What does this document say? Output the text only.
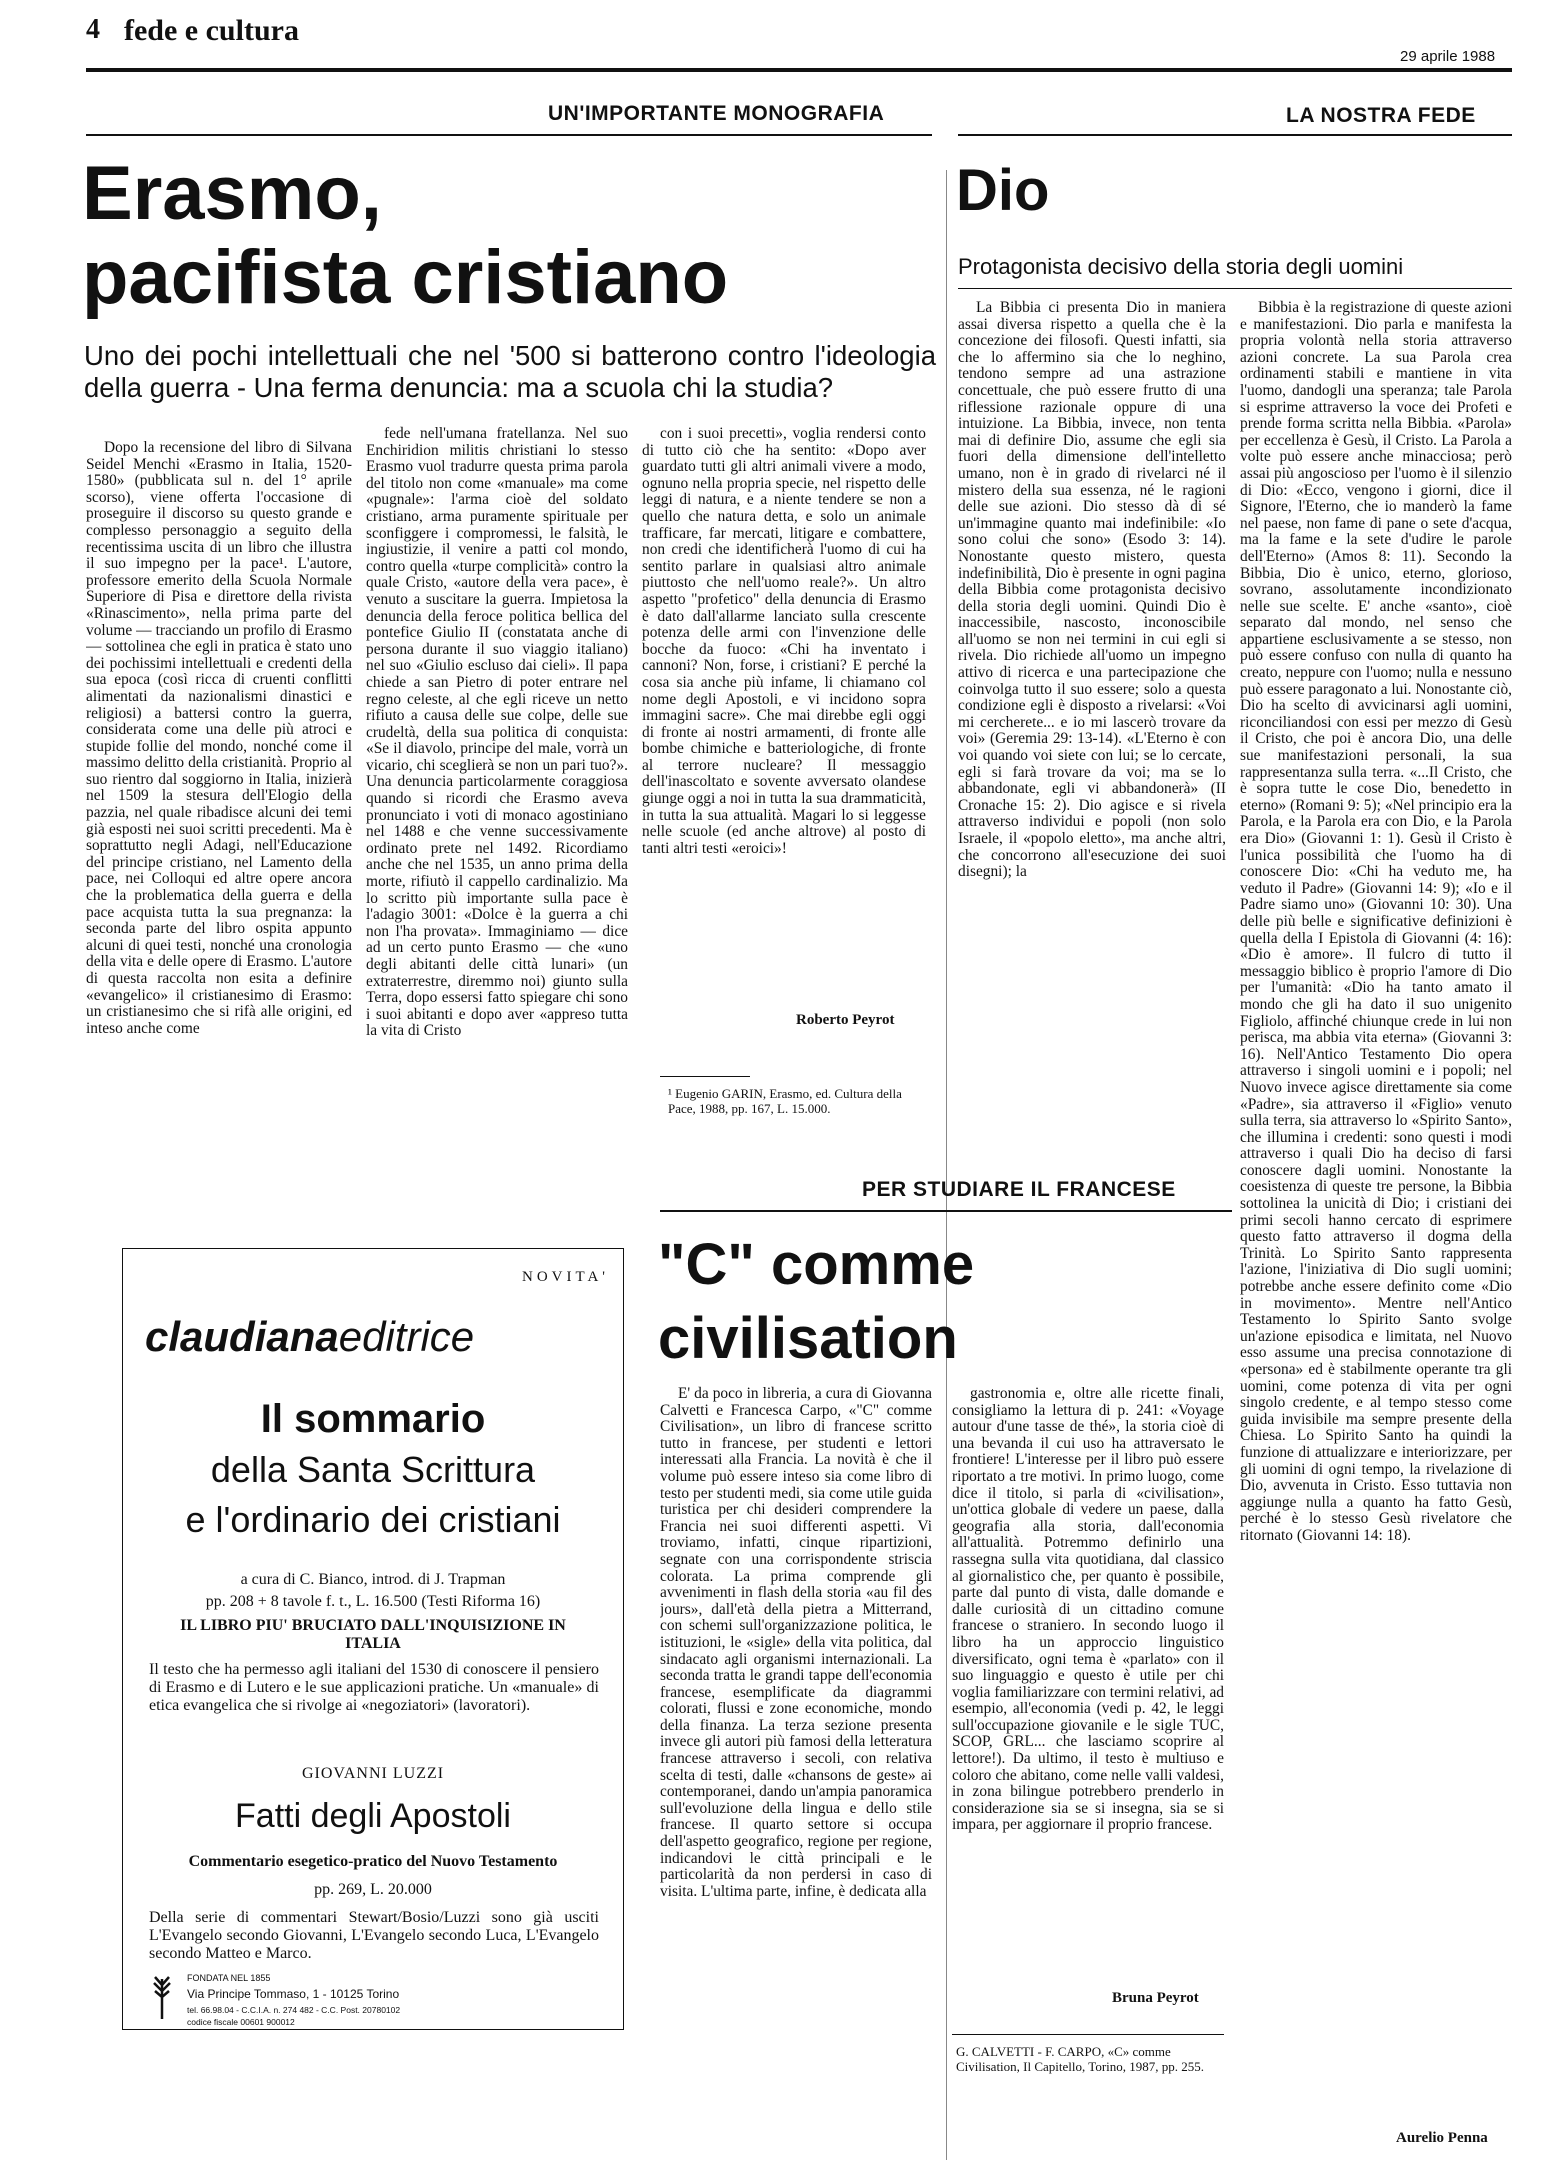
4 fede e cultura
29 aprile 1988
UN'IMPORTANTE MONOGRAFIA
Erasmo,
pacifista cristiano
Uno dei pochi intellettuali che nel '500 si batterono contro l'ideologia della guerra - Una ferma denuncia: ma a scuola chi la studia?

Dopo la recensione del libro di Silvana Seidel Menchi «Erasmo in Italia, 1520-1580» (pubblicata sul n. del 1° aprile scorso), viene offerta l'occasione di proseguire il discorso su questo grande e complesso personaggio a seguito della recentissima uscita di un libro che illustra il suo impegno per la pace¹. L'autore, professore emerito della Scuola Normale Superiore di Pisa e direttore della rivista «Rinascimento», nella prima parte del volume — tracciando un profilo di Erasmo — sottolinea che egli in pratica è stato uno dei pochissimi intellettuali e credenti della sua epoca (così ricca di cruenti conflitti alimentati da nazionalismi dinastici e religiosi) a battersi contro la guerra, considerata come una delle più atroci e stupide follie del mondo, nonché come il massimo delitto della cristianità. Proprio al suo rientro dal soggiorno in Italia, inizierà nel 1509 la stesura dell'Elogio della pazzia, nel quale ribadisce alcuni dei temi già esposti nei suoi scritti precedenti. Ma è soprattutto negli Adagi, nell'Educazione del principe cristiano, nel Lamento della pace, nei Colloqui ed altre opere ancora che la problematica della guerra e della pace acquista tutta la sua pregnanza: la seconda parte del libro ospita appunto alcuni di quei testi, nonché una cronologia della vita e delle opere di Erasmo. L'autore di questa raccolta non esita a definire «evangelico» il cristianesimo di Erasmo: un cristianesimo che si rifà alle origini, ed inteso anche come

fede nell'umana fratellanza. Nel suo Enchiridion militis christiani lo stesso Erasmo vuol tradurre questa prima parola del titolo non come «manuale» ma come «pugnale»: l'arma cioè del soldato cristiano, arma puramente spirituale per sconfiggere i compromessi, le falsità, le ingiustizie, il venire a patti col mondo, contro quella «turpe complicità» contro la quale Cristo, «autore della vera pace», è venuto a suscitare la guerra. Impietosa la denuncia della feroce politica bellica del pontefice Giulio II (constatata anche di persona durante il suo viaggio italiano) nel suo «Giulio escluso dai cieli». Il papa chiede a san Pietro di poter entrare nel regno celeste, al che egli riceve un netto rifiuto a causa delle sue colpe, delle sue crudeltà, della sua politica di conquista: «Se il diavolo, principe del male, vorrà un vicario, chi sceglierà se non un pari tuo?». Una denuncia particolarmente coraggiosa quando si ricordi che Erasmo aveva pronunciato i voti di monaco agostiniano nel 1488 e che venne successivamente ordinato prete nel 1492. Ricordiamo anche che nel 1535, un anno prima della morte, rifiutò il cappello cardinalizio. Ma lo scritto più importante sulla pace è l'adagio 3001: «Dolce è la guerra a chi non l'ha provata». Immaginiamo — dice ad un certo punto Erasmo — che «uno degli abitanti delle città lunari» (un extraterrestre, diremmo noi) giunto sulla Terra, dopo essersi fatto spiegare chi sono i suoi abitanti e dopo aver «appreso tutta la vita di Cristo

con i suoi precetti», voglia rendersi conto di tutto ciò che ha sentito: «Dopo aver guardato tutti gli altri animali vivere a modo, ognuno nella propria specie, nel rispetto delle leggi di natura, e a niente tendere se non a quello che natura detta, e solo un animale trafficare, far mercati, litigare e combattere, non credi che identificherà l'uomo di cui ha sentito parlare in qualsiasi altro animale piuttosto che nell'uomo reale?». Un altro aspetto "profetico" della denuncia di Erasmo è dato dall'allarme lanciato sulla crescente potenza delle armi con l'invenzione delle bocche da fuoco: «Chi ha inventato i cannoni? Non, forse, i cristiani? E perché la cosa sia anche più infame, li chiamano col nome degli Apostoli, e vi incidono sopra immagini sacre». Che mai direbbe egli oggi di fronte ai nostri armamenti, di fronte alle bombe chimiche e batteriologiche, di fronte al terrore nucleare? Il messaggio dell'inascoltato e sovente avversato olandese giunge oggi a noi in tutta la sua drammaticità, in tutta la sua attualità. Magari lo si leggesse nelle scuole (ed anche altrove) al posto di tanti altri testi «eroici»!

Roberto Peyrot
¹ Eugenio GARIN, Erasmo, ed. Cultura della Pace, 1988, pp. 167, L. 15.000.
LA NOSTRA FEDE
Dio
Protagonista decisivo della storia degli uomini

La Bibbia ci presenta Dio in maniera assai diversa rispetto a quella che è la concezione dei filosofi. Questi infatti, sia che lo affermino sia che lo neghino, tendono sempre ad una astrazione concettuale, che può essere frutto di una riflessione razionale oppure di una intuizione. La Bibbia, invece, non tenta mai di definire Dio, assume che egli sia fuori della dimensione dell'intelletto umano, non è in grado di rivelarci né il mistero della sua essenza, né le ragioni delle sue azioni. Dio stesso dà di sé un'immagine quanto mai indefinibile: «Io sono colui che sono» (Esodo 3: 14). Nonostante questo mistero, questa indefinibilità, Dio è presente in ogni pagina della Bibbia come protagonista decisivo della storia degli uomini. Quindi Dio è inaccessibile, nascosto, inconoscibile all'uomo se non nei termini in cui egli si rivela. Dio richiede all'uomo un impegno attivo di ricerca e una partecipazione che coinvolga tutto il suo essere; solo a questa condizione egli è disposto a rivelarsi: «Voi mi cercherete... e io mi lascerò trovare da voi» (Geremia 29: 13-14). «L'Eterno è con voi quando voi siete con lui; se lo cercate, egli si farà trovare da voi; ma se lo abbandonate, egli vi abbandonerà» (II Cronache 15: 2). Dio agisce e si rivela attraverso individui e popoli (non solo Israele, il «popolo eletto», ma anche altri, che concorrono all'esecuzione dei suoi disegni); la

Bibbia è la registrazione di queste azioni e manifestazioni. Dio parla e manifesta la propria volontà nella storia attraverso azioni concrete. La sua Parola crea ordinamenti stabili e mantiene in vita l'uomo, dandogli una speranza; tale Parola si esprime attraverso la voce dei Profeti e prende forma scritta nella Bibbia. «Parola» per eccellenza è Gesù, il Cristo. La Parola a volte può essere anche minacciosa; però assai più angoscioso per l'uomo è il silenzio di Dio: «Ecco, vengono i giorni, dice il Signore, l'Eterno, che io manderò la fame nel paese, non fame di pane o sete d'acqua, ma la fame e la sete d'udire le parole dell'Eterno» (Amos 8: 11). Secondo la Bibbia, Dio è unico, eterno, glorioso, sovrano, assolutamente incondizionato nelle sue scelte. E' anche «santo», cioè separato dal mondo, nel senso che appartiene esclusivamente a se stesso, non può essere confuso con nulla di quanto ha creato, neppure con l'uomo; nulla e nessuno può essere paragonato a lui. Nonostante ciò, Dio ha scelto di avvicinarsi agli uomini, riconciliandosi con essi per mezzo di Gesù il Cristo, che poi è ancora Dio, una delle sue manifestazioni personali, la sua rappresentanza sulla terra. «...Il Cristo, che è sopra tutte le cose Dio, benedetto in eterno» (Romani 9: 5); «Nel principio era la Parola, e la Parola era con Dio, e la Parola era Dio» (Giovanni 1: 1). Gesù il Cristo è l'unica possibilità che l'uomo ha di conoscere Dio: «Chi ha veduto me, ha veduto il Padre» (Giovanni 14: 9); «Io e il Padre siamo uno» (Giovanni 10: 30). Una delle più belle e significative definizioni è quella della I Epistola di Giovanni (4: 16): «Dio è amore». Il fulcro di tutto il messaggio biblico è proprio l'amore di Dio per l'umanità: «Dio ha tanto amato il mondo che gli ha dato il suo unigenito Figliolo, affinché chiunque crede in lui non perisca, ma abbia vita eterna» (Giovanni 3: 16). Nell'Antico Testamento Dio opera attraverso i singoli uomini e i popoli; nel Nuovo invece agisce direttamente sia come «Padre», sia attraverso il «Figlio» venuto sulla terra, sia attraverso lo «Spirito Santo», che illumina i credenti: sono questi i modi attraverso i quali Dio ha deciso di farsi conoscere dagli uomini. Nonostante la coesistenza di queste tre persone, la Bibbia sottolinea la unicità di Dio; i cristiani dei primi secoli hanno cercato di esprimere questo fatto attraverso il dogma della Trinità. Lo Spirito Santo rappresenta l'azione, l'iniziativa di Dio sugli uomini; potrebbe anche essere definito come «Dio in movimento». Mentre nell'Antico Testamento lo Spirito Santo svolge un'azione episodica e limitata, nel Nuovo esso assume una precisa connotazione di «persona» ed è stabilmente operante tra gli uomini, come potenza di vita per ogni singolo credente, e al tempo stesso come guida invisibile ma sempre presente della Chiesa. Lo Spirito Santo ha quindi la funzione di attualizzare e interiorizzare, per gli uomini di ogni tempo, la rivelazione di Dio, avvenuta in Cristo. Esso tuttavia non aggiunge nulla a quanto ha fatto Gesù, perché è lo stesso Gesù rivelatore che ritornato (Giovanni 14: 18).

Aurelio Penna
PER STUDIARE IL FRANCESE
"C" comme
civilisation

E' da poco in libreria, a cura di Giovanna Calvetti e Francesca Carpo, «"C" comme Civilisation», un libro di francese scritto tutto in francese, per studenti e lettori interessati alla Francia. La novità è che il volume può essere inteso sia come libro di testo per studenti medi, sia come utile guida turistica per chi desideri comprendere la Francia nei suoi differenti aspetti. Vi troviamo, infatti, cinque ripartizioni, segnate con una corrispondente striscia colorata. La prima comprende gli avvenimenti in flash della storia «au fil des jours», dall'età della pietra a Mitterrand, con schemi sull'organizzazione politica, le istituzioni, le «sigle» della vita politica, dal sindacato agli organismi internazionali. La seconda tratta le grandi tappe dell'economia francese, esemplificate da diagrammi colorati, flussi e zone economiche, mondo della finanza. La terza sezione presenta invece gli autori più famosi della letteratura francese attraverso i secoli, con relativa scelta di testi, dalle «chansons de geste» ai contemporanei, dando un'ampia panoramica sull'evoluzione della lingua e dello stile francese. Il quarto settore si occupa dell'aspetto geografico, regione per regione, indicandovi le città principali e le particolarità da non perdersi in caso di visita. L'ultima parte, infine, è dedicata alla

gastronomia e, oltre alle ricette finali, consigliamo la lettura di p. 241: «Voyage autour d'une tasse de thé», la storia cioè di una bevanda il cui uso ha attraversato le frontiere! L'interesse per il libro può essere riportato a tre motivi. In primo luogo, come dice il titolo, si parla di «civilisation», un'ottica globale di vedere un paese, dalla geografia alla storia, dall'economia all'attualità. Potremmo definirlo una rassegna sulla vita quotidiana, dal classico al giornalistico che, per quanto è possibile, parte dal punto di vista, dalle domande e dalle curiosità di un cittadino comune francese o straniero. In secondo luogo il libro ha un approccio linguistico diversificato, ogni tema è «parlato» con il suo linguaggio e questo è utile per chi voglia familiarizzare con termini relativi, ad esempio, all'economia (vedi p. 42, le leggi sull'occupazione giovanile e le sigle TUC, SCOP, GRL... che lasciamo scoprire al lettore!). Da ultimo, il testo è multiuso e coloro che abitano, come nelle valli valdesi, in zona bilingue potrebbero prenderlo in considerazione sia se si insegna, sia se si impara, per aggiornare il proprio francese.

Bruna Peyrot
G. CALVETTI - F. CARPO, «C» comme Civilisation, Il Capitello, Torino, 1987, pp. 255.
NOVITA'
claudianaeditrice
Il sommario
della Santa Scrittura
e l'ordinario dei cristiani
a cura di C. Bianco, introd. di J. Trapman
pp. 208 + 8 tavole f. t., L. 16.500 (Testi Riforma 16)
IL LIBRO PIU' BRUCIATO DALL'INQUISIZIONE IN ITALIA
Il testo che ha permesso agli italiani del 1530 di conoscere il pensiero di Erasmo e di Lutero e le sue applicazioni pratiche. Un «manuale» di etica evangelica che si rivolge ai «negoziatori» (lavoratori).
GIOVANNI LUZZI
Fatti degli Apostoli
Commentario esegetico-pratico del Nuovo Testamento
pp. 269, L. 20.000
Della serie di commentari Stewart/Bosio/Luzzi sono già usciti L'Evangelo secondo Giovanni, L'Evangelo secondo Luca, L'Evangelo secondo Matteo e Marco.
FONDATA NEL 1855
Via Principe Tommaso, 1 - 10125 Torino
tel. 66.98.04 - C.C.I.A. n. 274 482 - C.C. Post. 20780102
codice fiscale 00601 900012
